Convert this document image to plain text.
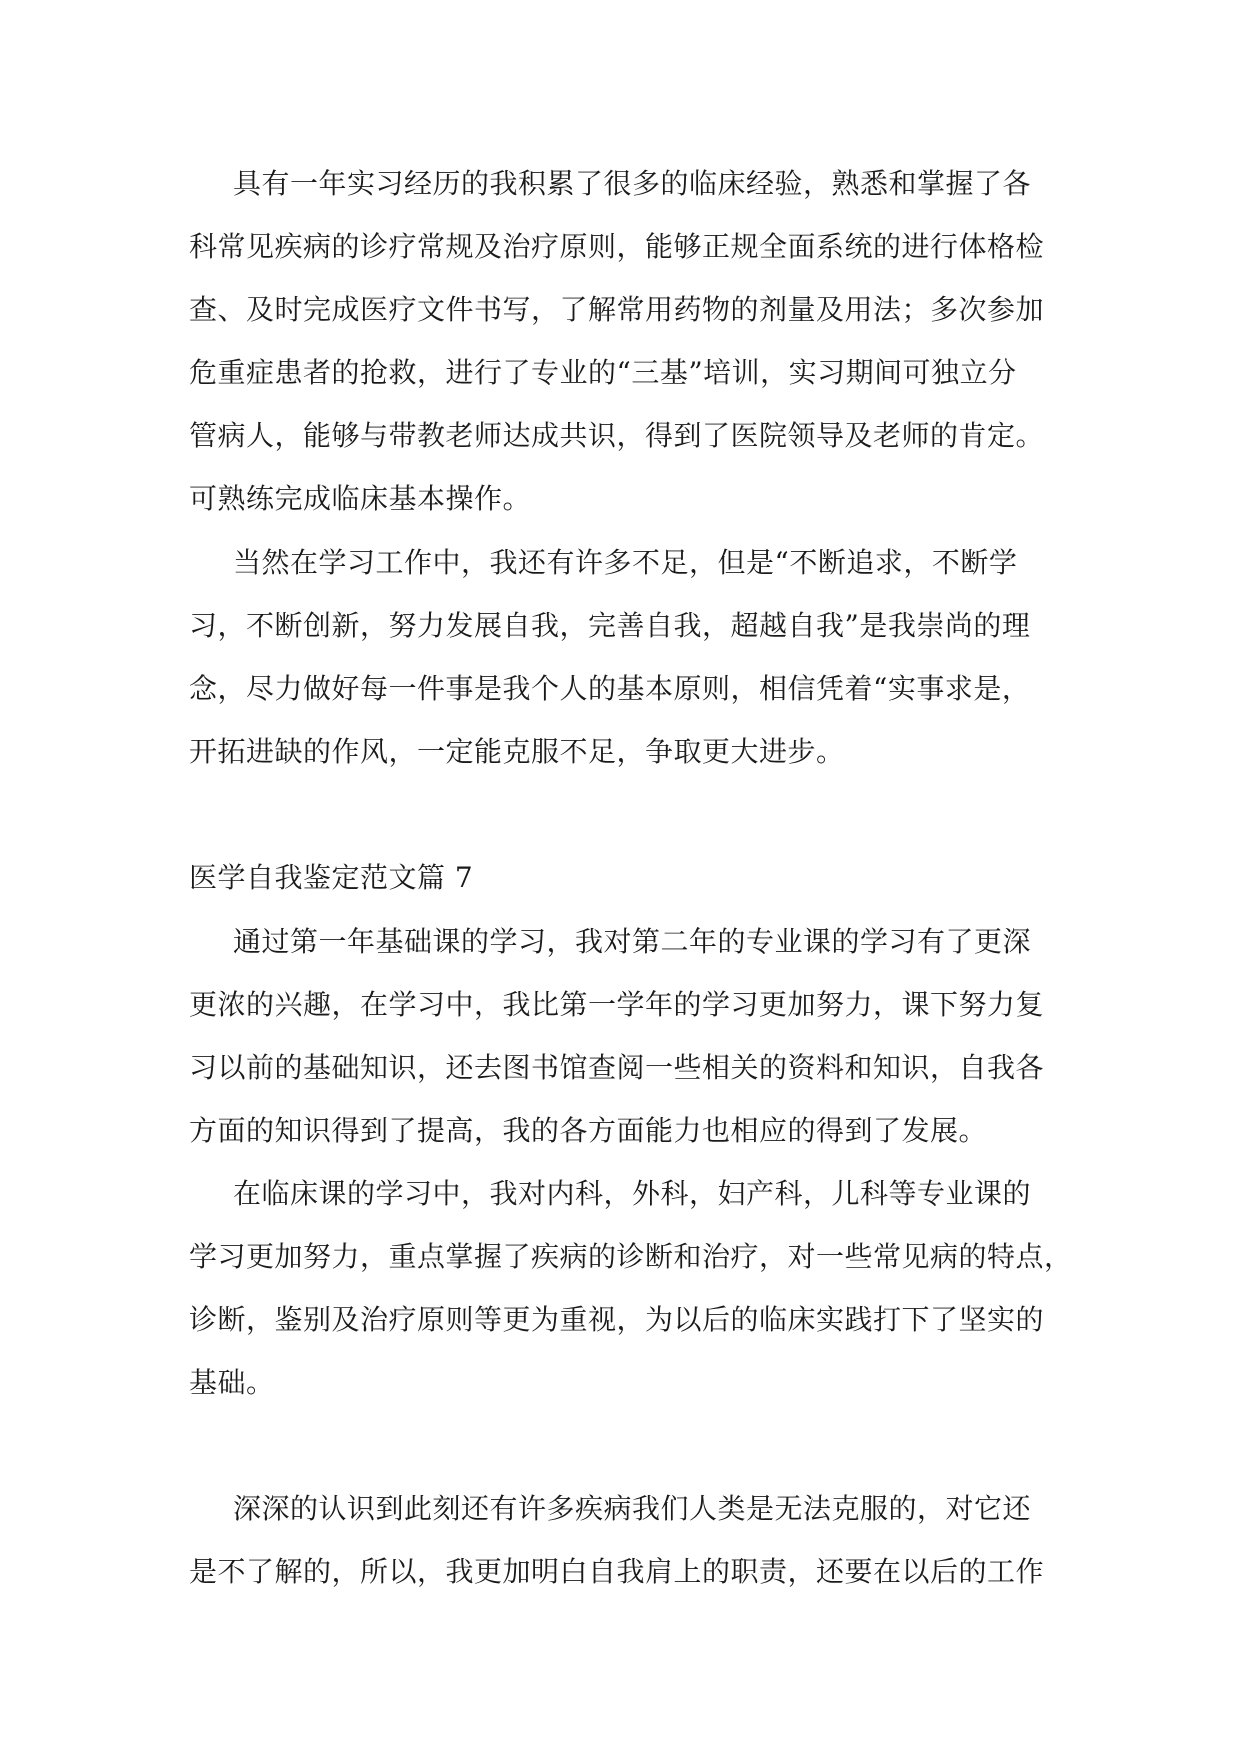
具有一年实习经历的我积累了很多的临床经验，熟悉和掌握了各
科常见疾病的诊疗常规及治疗原则，能够正规全面系统的进行体格检
查、及时完成医疗文件书写，了解常用药物的剂量及用法；多次参加
危重症患者的抢救，进行了专业的“三基”培训，实习期间可独立分
管病人，能够与带教老师达成共识，得到了医院领导及老师的肯定。
可熟练完成临床基本操作。
当然在学习工作中，我还有许多不足，但是“不断追求，不断学
习，不断创新，努力发展自我，完善自我，超越自我”是我崇尚的理
念，尽力做好每一件事是我个人的基本原则，相信凭着“实事求是，
开拓进缺的作风，一定能克服不足，争取更大进步。
医学自我鉴定范文篇 7
通过第一年基础课的学习，我对第二年的专业课的学习有了更深
更浓的兴趣，在学习中，我比第一学年的学习更加努力，课下努力复
习以前的基础知识，还去图书馆查阅一些相关的资料和知识，自我各
方面的知识得到了提高，我的各方面能力也相应的得到了发展。
在临床课的学习中，我对内科，外科，妇产科，儿科等专业课的
学习更加努力，重点掌握了疾病的诊断和治疗，对一些常见病的特点，
诊断，鉴别及治疗原则等更为重视，为以后的临床实践打下了坚实的
基础。
深深的认识到此刻还有许多疾病我们人类是无法克服的，对它还
是不了解的，所以，我更加明白自我肩上的职责，还要在以后的工作
